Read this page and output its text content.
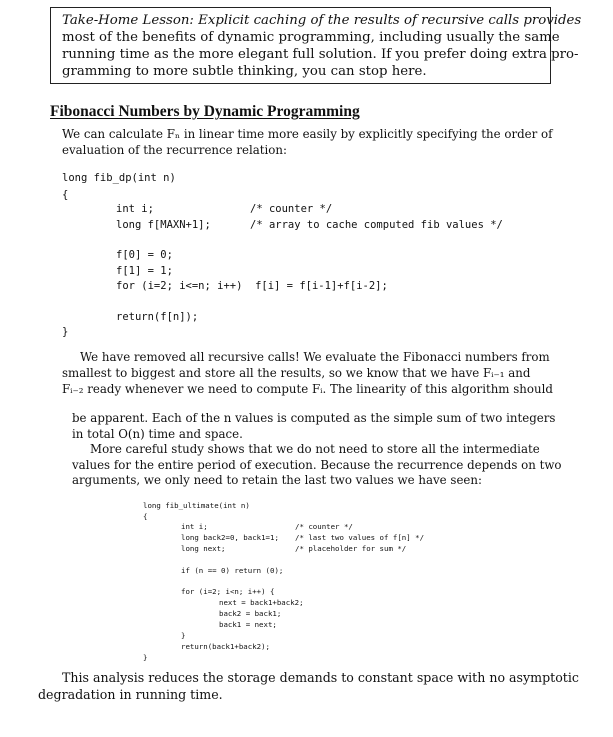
Take-Home Lesson: Explicit caching of the results of recursive calls provides

most of the benefits of dynamic programming, including usually the same

running time as the more elegant full solution. If you prefer doing extra pro-

gramming to more subtle thinking, you can stop here.

Fibonacci Numbers by Dynamic Programming

We can calculate Fₙ in linear time more easily by explicitly specifying the order of

evaluation of the recurrence relation:

long fib_dp(int n)

{

int i;	/* counter */

long f[MAXN+1];	/* array to cache computed fib values */

f[0] = 0;

f[1] = 1;

for (i=2; i<=n; i++)  f[i] = f[i-1]+f[i-2];

return(f[n]);

}

We have removed all recursive calls! We evaluate the Fibonacci numbers from

smallest to biggest and store all the results, so we know that we have Fᵢ₋₁ and

Fᵢ₋₂ ready whenever we need to compute Fᵢ. The linearity of this algorithm should

be apparent. Each of the n values is computed as the simple sum of two integers

in total O(n) time and space.

More careful study shows that we do not need to store all the intermediate

values for the entire period of execution. Because the recurrence depends on two

arguments, we only need to retain the last two values we have seen:

long fib_ultimate(int n)

{

int i;	/* counter */

long back2=0, back1=1; /* last two values of f[n] */

long next;	/* placeholder for sum */

if (n == 0) return (0);

for (i=2; i<n; i++) {

next = back1+back2;

back2 = back1;

back1 = next;

}

return(back1+back2);

}

This analysis reduces the storage demands to constant space with no asymptotic

degradation in running time.
